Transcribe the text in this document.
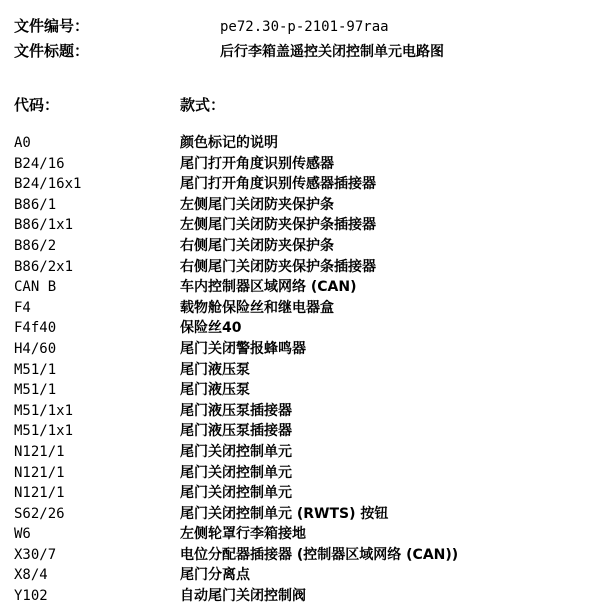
文件编号：	pe72.30-p-2101-97raa
文件标题：	后行李箱盖遥控关闭控制单元电路图
代码：	款式：
A0	颜色标记的说明
B24/16	尾门打开角度识别传感器
B24/16x1	尾门打开角度识别传感器插接器
B86/1	左侧尾门关闭防夹保护条
B86/1x1	左侧尾门关闭防夹保护条插接器
B86/2	右侧尾门关闭防夹保护条
B86/2x1	右侧尾门关闭防夹保护条插接器
CAN B	车内控制器区域网络 (CAN)
F4	载物舱保险丝和继电器盒
F4f40	保险丝40
H4/60	尾门关闭警报蜂鸣器
M51/1	尾门液压泵
M51/1	尾门液压泵
M51/1x1	尾门液压泵插接器
M51/1x1	尾门液压泵插接器
N121/1	尾门关闭控制单元
N121/1	尾门关闭控制单元
N121/1	尾门关闭控制单元
S62/26	尾门关闭控制单元 (RWTS) 按钮
W6	左侧轮罩行李箱接地
X30/7	电位分配器插接器 (控制器区域网络 (CAN))
X8/4	尾门分离点
Y102	自动尾门关闭控制阀
